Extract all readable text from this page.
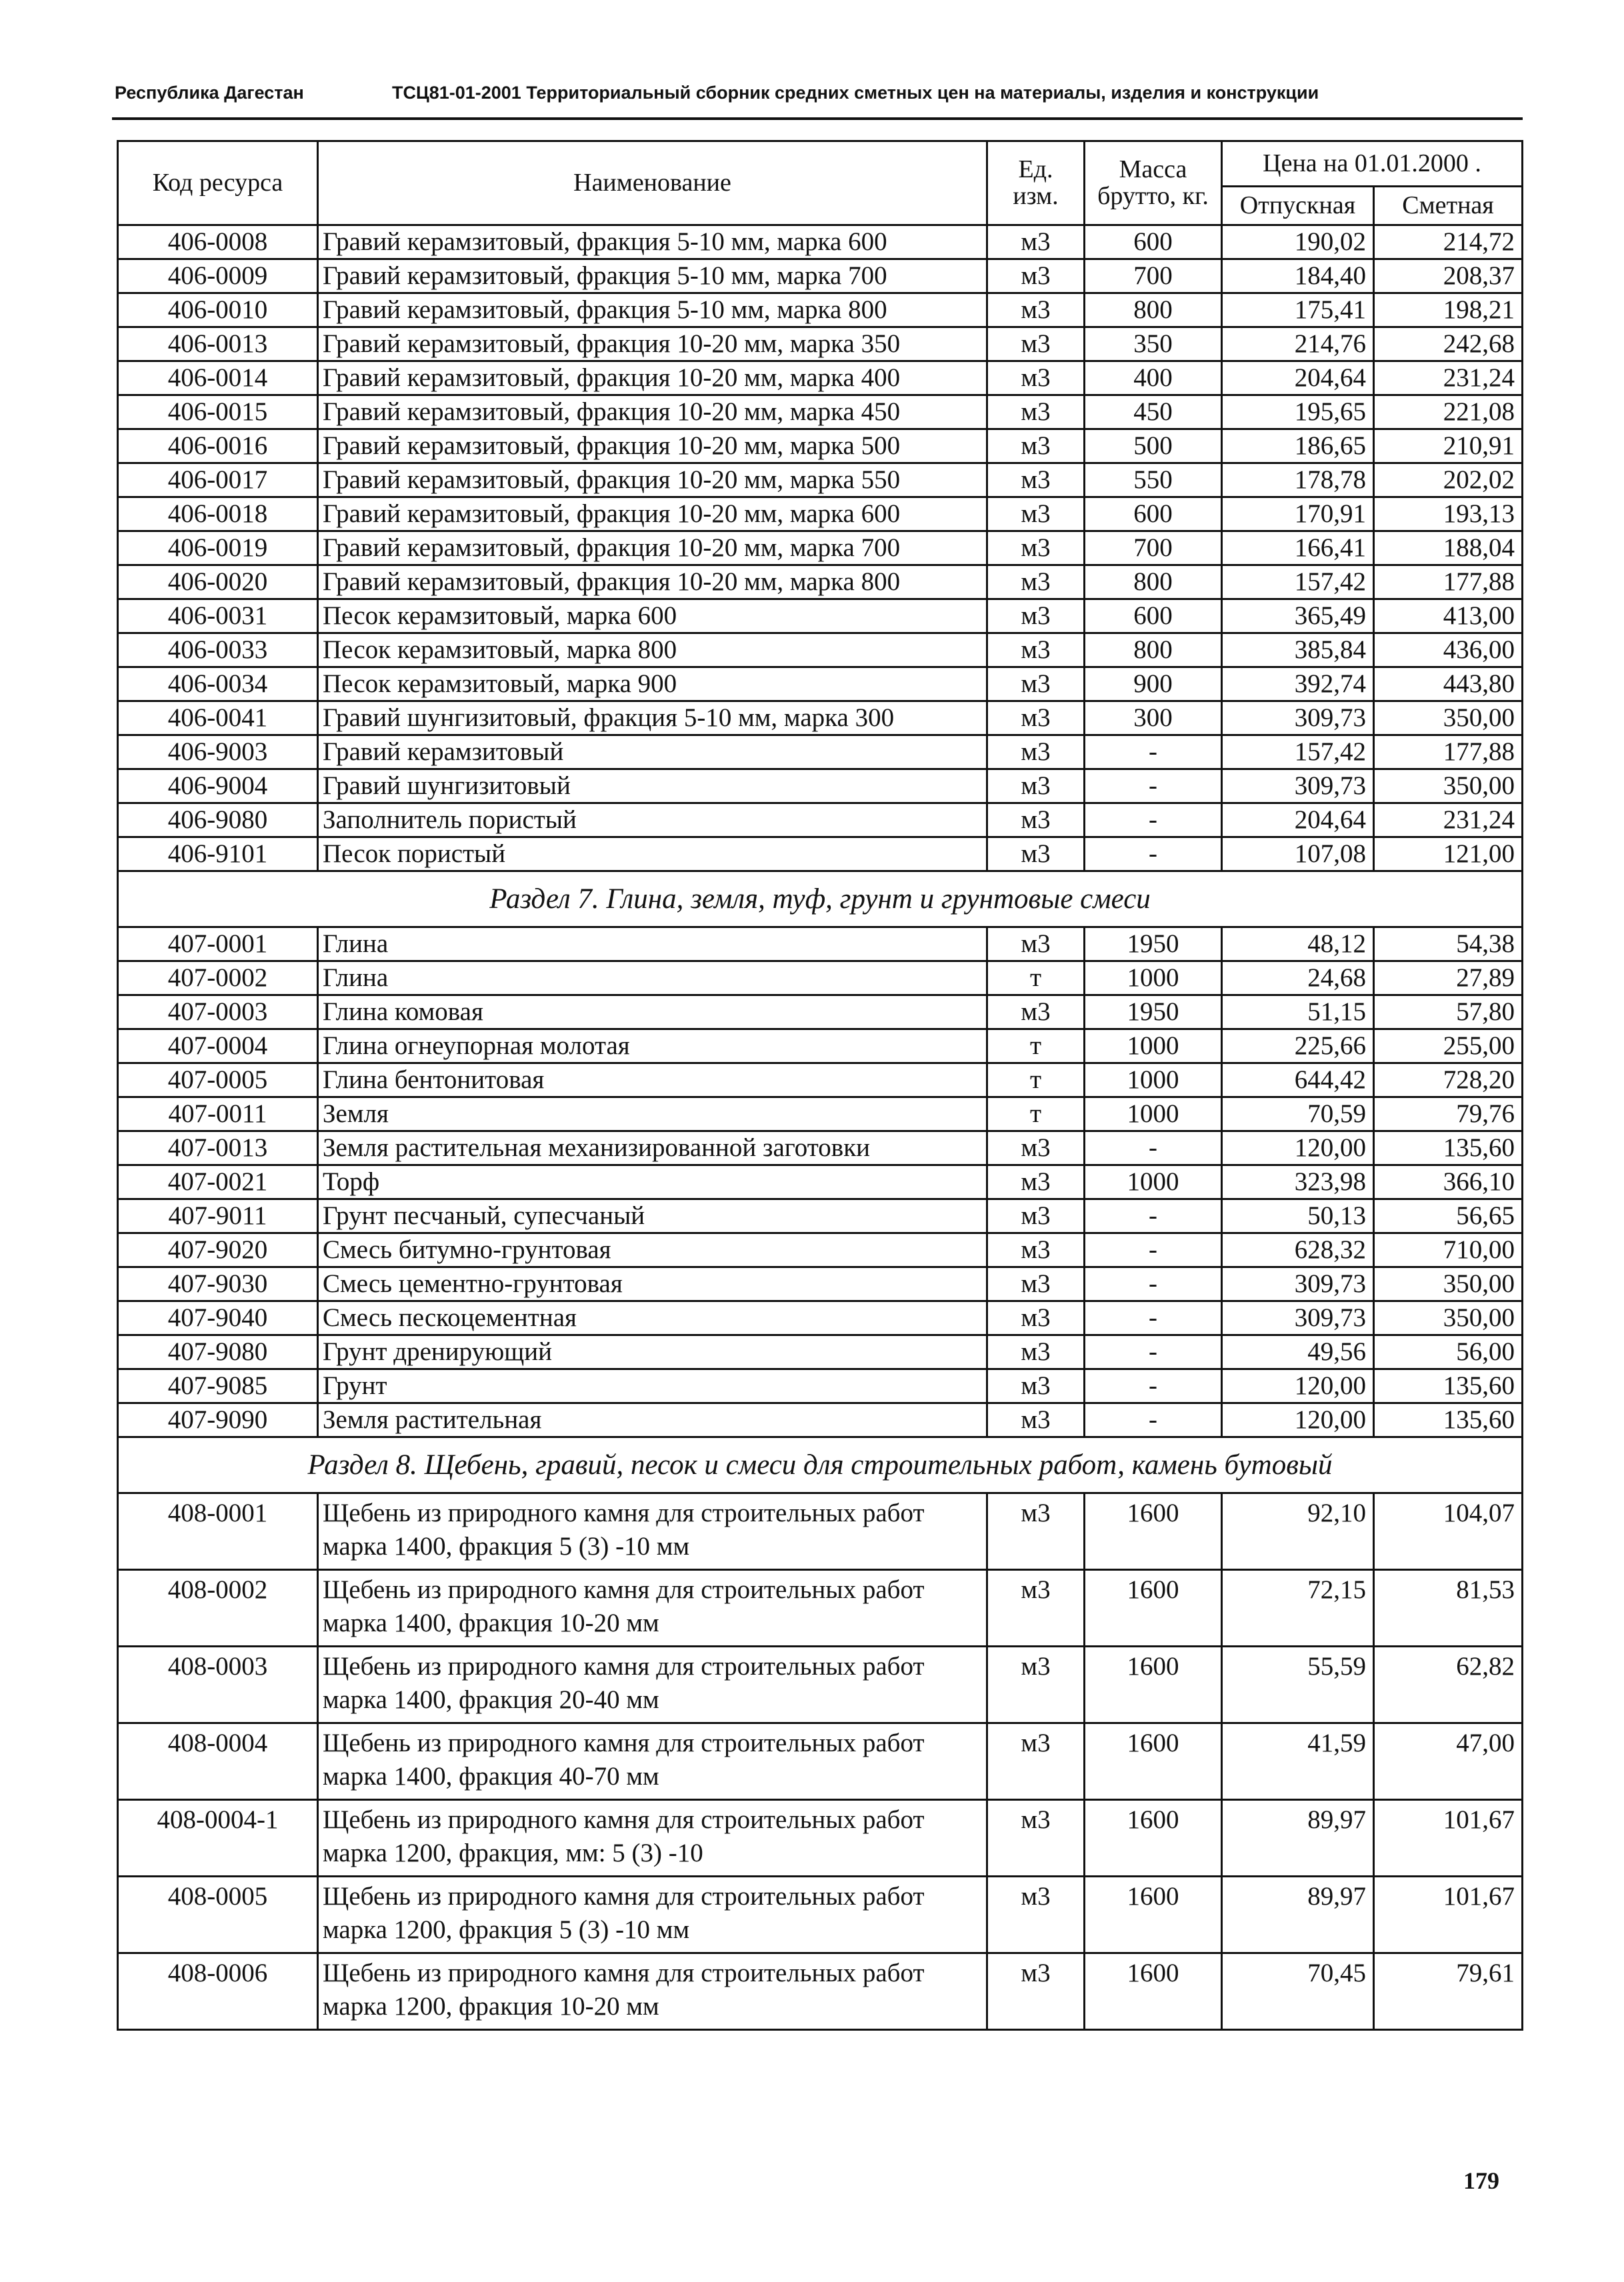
Республика Дагестан	ТСЦ81-01-2001 Территориальный сборник средних сметных цен на материалы, изделия и конструкции
Код ресурса	Наименование	Ед. изм.	Масса брутто, кг.	Цена на 01.01.2000 .	
				Отпускная	Сметная
406-0008	Гравий керамзитовый, фракция 5-10 мм, марка 600	м3	600	190,02	214,72
406-0009	Гравий керамзитовый, фракция 5-10 мм, марка 700	м3	700	184,40	208,37
406-0010	Гравий керамзитовый, фракция 5-10 мм, марка 800	м3	800	175,41	198,21
406-0013	Гравий керамзитовый, фракция 10-20 мм, марка 350	м3	350	214,76	242,68
406-0014	Гравий керамзитовый, фракция 10-20 мм, марка 400	м3	400	204,64	231,24
406-0015	Гравий керамзитовый, фракция 10-20 мм, марка 450	м3	450	195,65	221,08
406-0016	Гравий керамзитовый, фракция 10-20 мм, марка 500	м3	500	186,65	210,91
406-0017	Гравий керамзитовый, фракция 10-20 мм, марка 550	м3	550	178,78	202,02
406-0018	Гравий керамзитовый, фракция 10-20 мм, марка 600	м3	600	170,91	193,13
406-0019	Гравий керамзитовый, фракция 10-20 мм, марка 700	м3	700	166,41	188,04
406-0020	Гравий керамзитовый, фракция 10-20 мм, марка 800	м3	800	157,42	177,88
406-0031	Песок керамзитовый, марка 600	м3	600	365,49	413,00
406-0033	Песок керамзитовый, марка 800	м3	800	385,84	436,00
406-0034	Песок керамзитовый, марка 900	м3	900	392,74	443,80
406-0041	Гравий шунгизитовый, фракция 5-10 мм, марка 300	м3	300	309,73	350,00
406-9003	Гравий керамзитовый	м3	-	157,42	177,88
406-9004	Гравий шунгизитовый	м3	-	309,73	350,00
406-9080	Заполнитель пористый	м3	-	204,64	231,24
406-9101	Песок пористый	м3	-	107,08	121,00
Раздел 7. Глина, земля, туф, грунт и грунтовые смеси					
407-0001	Глина	м3	1950	48,12	54,38
407-0002	Глина	т	1000	24,68	27,89
407-0003	Глина комовая	м3	1950	51,15	57,80
407-0004	Глина огнеупорная молотая	т	1000	225,66	255,00
407-0005	Глина бентонитовая	т	1000	644,42	728,20
407-0011	Земля	т	1000	70,59	79,76
407-0013	Земля растительная механизированной заготовки	м3	-	120,00	135,60
407-0021	Торф	м3	1000	323,98	366,10
407-9011	Грунт песчаный, супесчаный	м3	-	50,13	56,65
407-9020	Смесь битумно-грунтовая	м3	-	628,32	710,00
407-9030	Смесь цементно-грунтовая	м3	-	309,73	350,00
407-9040	Смесь пескоцементная	м3	-	309,73	350,00
407-9080	Грунт дренирующий	м3	-	49,56	56,00
407-9085	Грунт	м3	-	120,00	135,60
407-9090	Земля растительная	м3	-	120,00	135,60
Раздел 8. Щебень, гравий, песок и смеси для строительных работ, камень бутовый					
408-0001	Щебень из природного камня для строительных работ марка 1400, фракция 5 (3) -10 мм	м3	1600	92,10	104,07
408-0002	Щебень из природного камня для строительных работ марка 1400, фракция 10-20 мм	м3	1600	72,15	81,53
408-0003	Щебень из природного камня для строительных работ марка 1400, фракция 20-40 мм	м3	1600	55,59	62,82
408-0004	Щебень из природного камня для строительных работ марка 1400, фракция 40-70 мм	м3	1600	41,59	47,00
408-0004-1	Щебень из природного камня для строительных работ марка 1200, фракция, мм: 5 (3) -10	м3	1600	89,97	101,67
408-0005	Щебень из природного камня для строительных работ марка 1200, фракция 5 (3) -10 мм	м3	1600	89,97	101,67
408-0006	Щебень из природного камня для строительных работ марка 1200, фракция 10-20 мм	м3	1600	70,45	79,61
179
